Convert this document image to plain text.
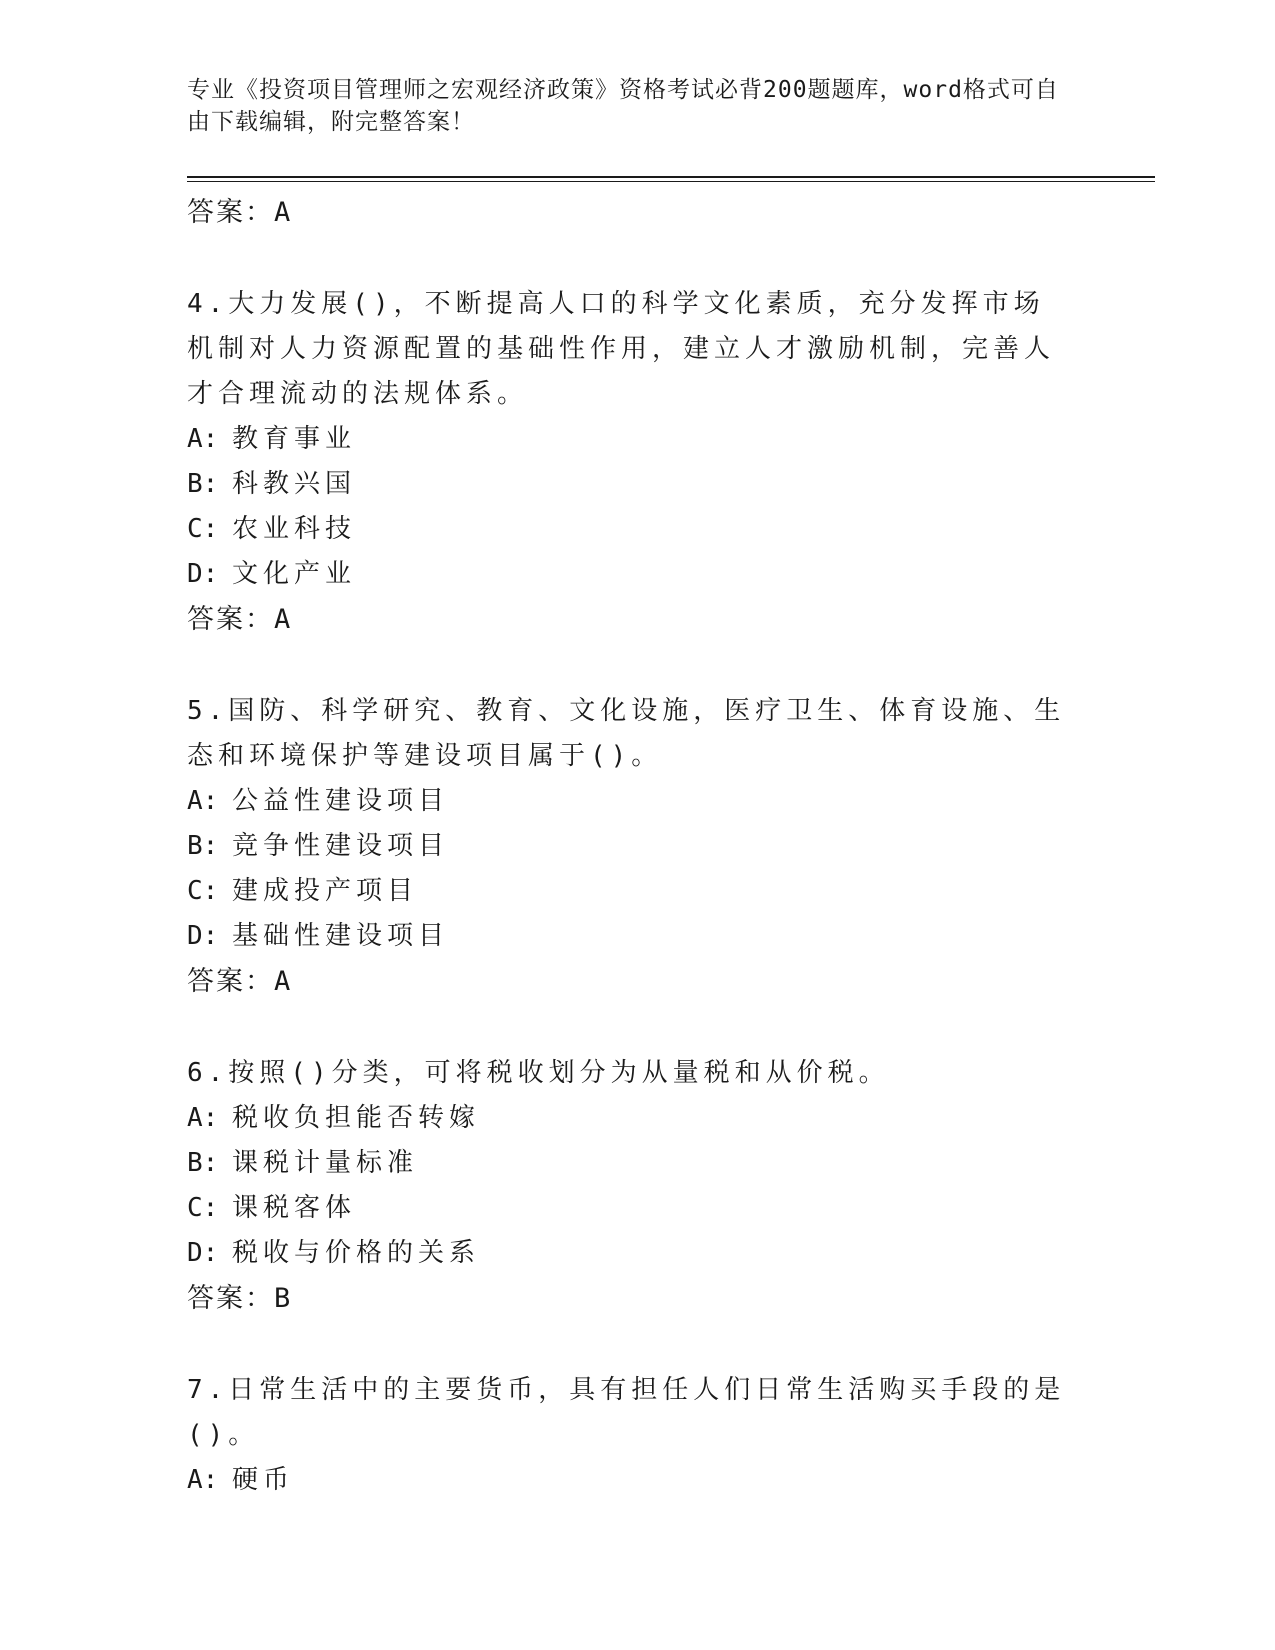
专业《投资项目管理师之宏观经济政策》资格考试必背200题题库，word格式可自由下载编辑，附完整答案！
答案：A
4.大力发展()，不断提高人口的科学文化素质，充分发挥市场机制对人力资源配置的基础性作用，建立人才激励机制，完善人才合理流动的法规体系。
A: 教育事业
B: 科教兴国
C: 农业科技
D: 文化产业
答案：A
5.国防、科学研究、教育、文化设施，医疗卫生、体育设施、生态和环境保护等建设项目属于()。
A: 公益性建设项目
B: 竞争性建设项目
C: 建成投产项目
D: 基础性建设项目
答案：A
6.按照()分类，可将税收划分为从量税和从价税。
A: 税收负担能否转嫁
B: 课税计量标准
C: 课税客体
D: 税收与价格的关系
答案：B
7.日常生活中的主要货币，具有担任人们日常生活购买手段的是()。
A: 硬币
